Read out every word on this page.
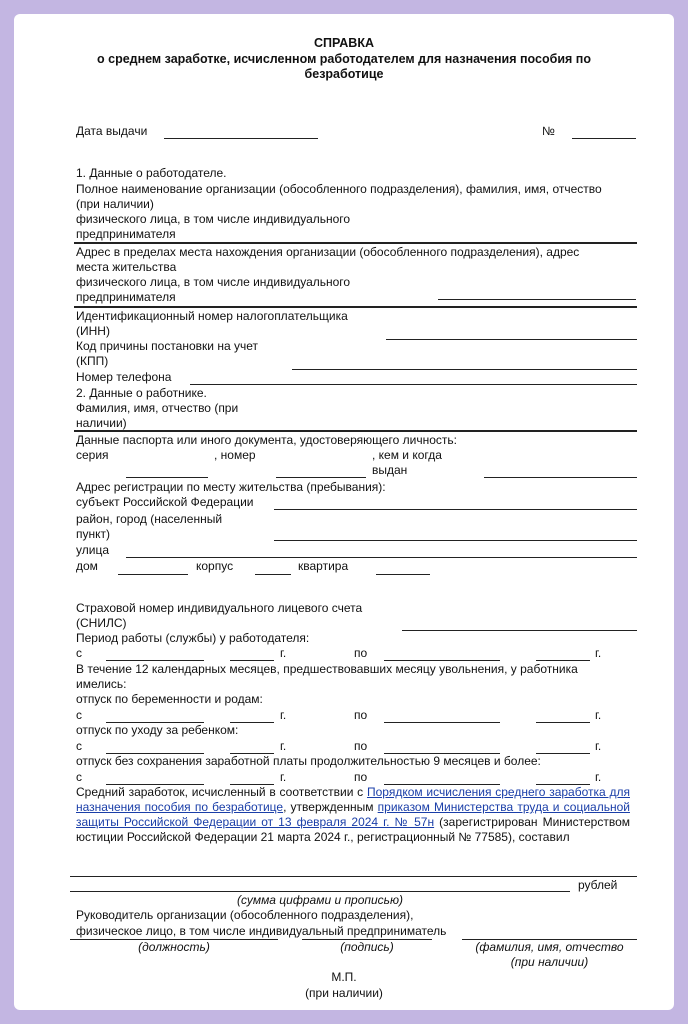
СПРАВКА
о среднем заработке, исчисленном работодателем для назначения пособия по
безработице
Дата выдачи	№
1. Данные о работодателе.
Полное наименование организации (обособленного подразделения), фамилия, имя, отчество
(при наличии)
физического лица, в том числе индивидуального
предпринимателя
Адрес в пределах места нахождения организации (обособленного подразделения), адрес
места жительства
физического лица, в том числе индивидуального
предпринимателя
Идентификационный номер налогоплательщика
(ИНН)
Код причины постановки на учет
(КПП)
Номер телефона
2. Данные о работнике.
Фамилия, имя, отчество (при
наличии)
Данные паспорта или иного документа, удостоверяющего личность:
серия	, номер	, кем и когда
выдан
Адрес регистрации по месту жительства (пребывания):
субъект Российской Федерации
район, город (населенный
пункт)
улица
дом	корпус	квартира
Страховой номер индивидуального лицевого счета
(СНИЛС)
Период работы (службы) у работодателя:
с	г.	по	г.
В течение 12 календарных месяцев, предшествовавших месяцу увольнения, у работника
имелись:
отпуск по беременности и родам:
с	г.	по	г.
отпуск по уходу за ребенком:
с	г.	по	г.
отпуск без сохранения заработной платы продолжительностью 9 месяцев и более:
с	г.	по	г.
Средний заработок, исчисленный в соответствии с Порядком исчисления среднего заработка для назначения пособия по безработице, утвержденным приказом Министерства труда и социальной защиты Российской Федерации от 13 февраля 2024 г. № 57н (зарегистрирован Министерством юстиции Российской Федерации 21 марта 2024 г., регистрационный № 77585), составил
рублей
(сумма цифрами и прописью)
Руководитель организации (обособленного подразделения),
физическое лицо, в том числе индивидуальный предприниматель
(должность)	(подпись)	(фамилия, имя, отчество
(при наличии)
М.П.
(при наличии)
